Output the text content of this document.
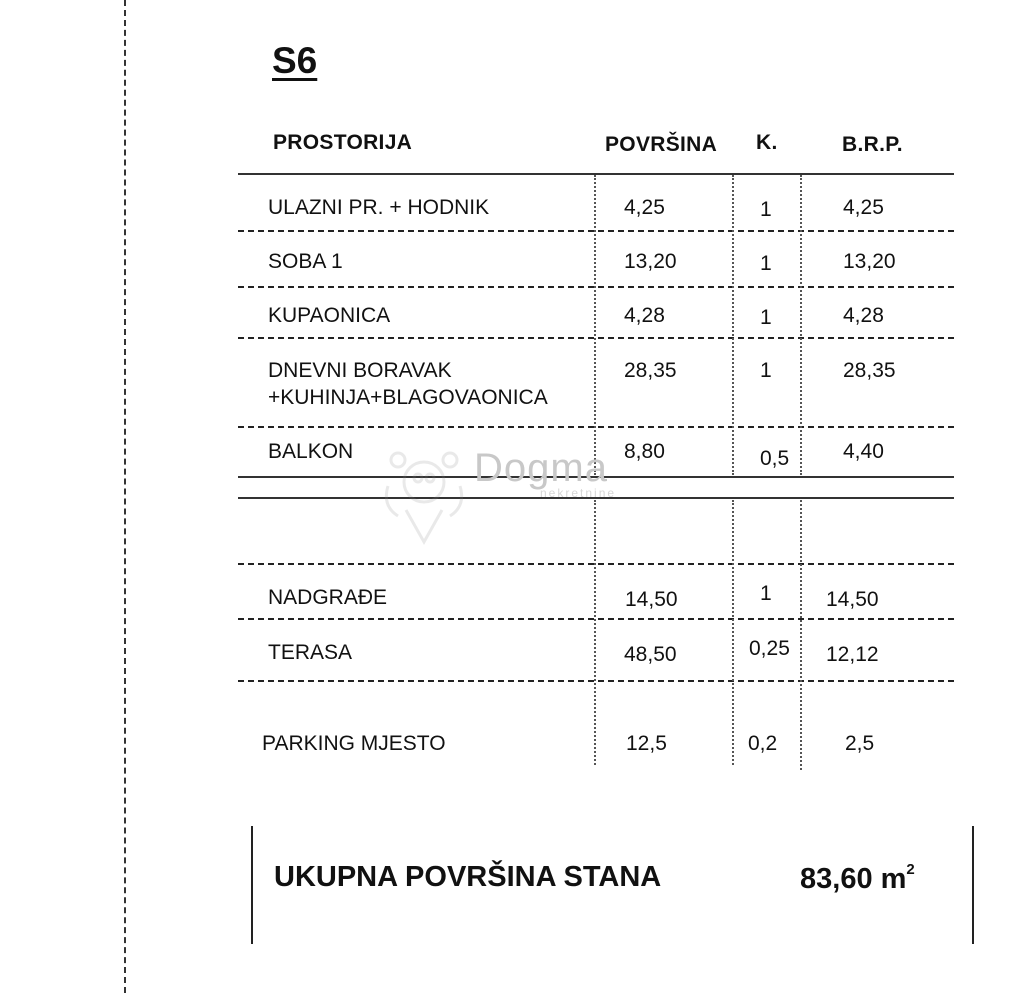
S6
PROSTORIJA	POVRŠINA K.	B.R.P.
Dogma
nekretnine
ULAZNI PR. + HODNIK	4,25	1	4,25
SOBA 1	13,20	1	13,20
KUPAONICA	4,28	1	4,28
DNEVNI BORAVAK
+KUHINJA+BLAGOVAONICA
28,35	1	28,35
BALKON	8,80	0,5	4,40
NADGRAĐE	14,50	1	14,50
TERASA	48,50	0,25 12,12
PARKING MJESTO	12,5	0,2	2,5
UKUPNA POVRŠINA STANA	83,60 $m^2$
